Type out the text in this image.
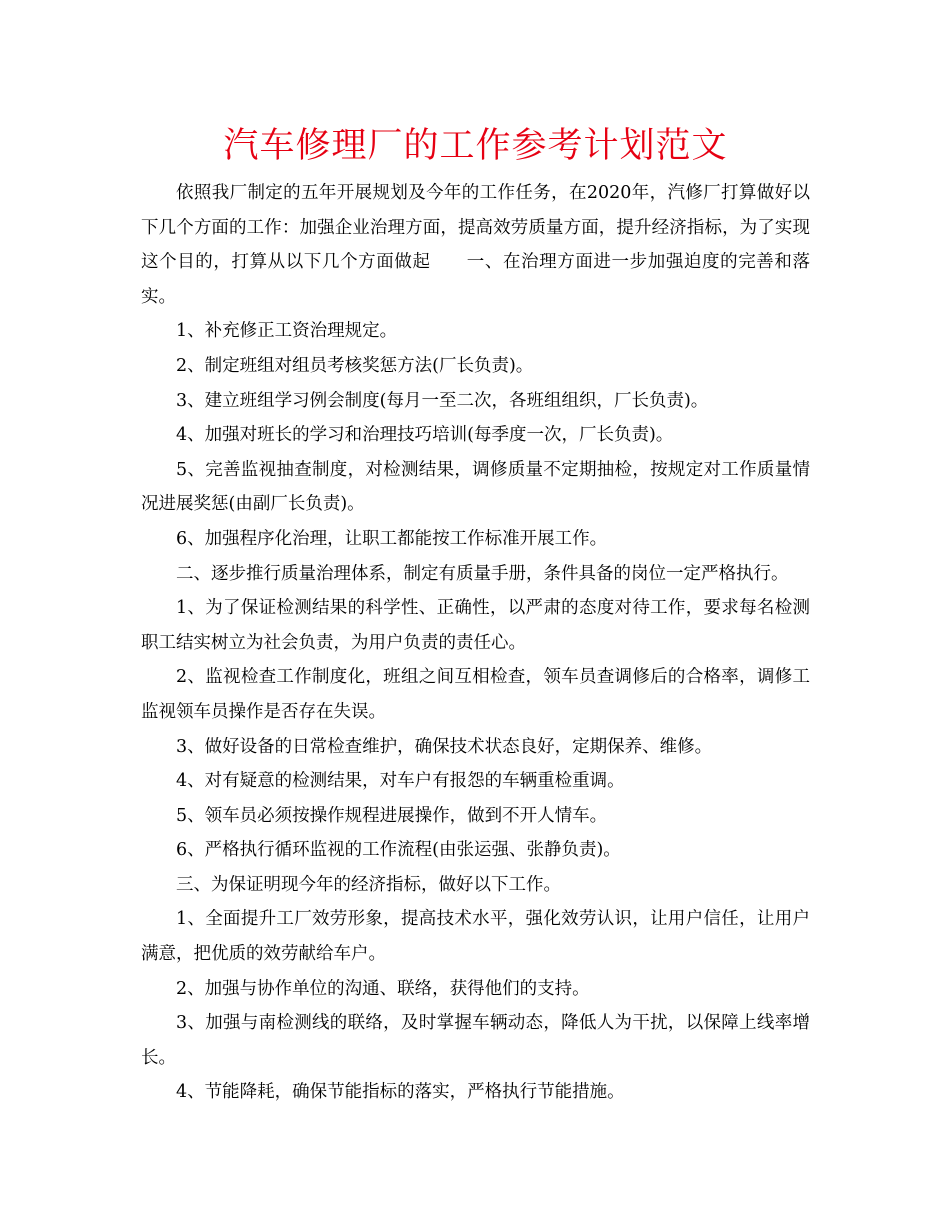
汽车修理厂的工作参考计划范文

依照我厂制定的五年开展规划及今年的工作任务，在2020年，汽修厂打算做好以下几个方面的工作：加强企业治理方面，提高效劳质量方面，提升经济指标，为了实现这个目的，打算从以下几个方面做起　　一、在治理方面进一步加强迫度的完善和落实。

1、补充修正工资治理规定。

2、制定班组对组员考核奖惩方法(厂长负责)。

3、建立班组学习例会制度(每月一至二次，各班组组织，厂长负责)。

4、加强对班长的学习和治理技巧培训(每季度一次，厂长负责)。

5、完善监视抽查制度，对检测结果，调修质量不定期抽检，按规定对工作质量情况进展奖惩(由副厂长负责)。

6、加强程序化治理，让职工都能按工作标准开展工作。

二、逐步推行质量治理体系，制定有质量手册，条件具备的岗位一定严格执行。

1、为了保证检测结果的科学性、正确性，以严肃的态度对待工作，要求每名检测职工结实树立为社会负责，为用户负责的责任心。

2、监视检查工作制度化，班组之间互相检查，领车员查调修后的合格率，调修工监视领车员操作是否存在失误。

3、做好设备的日常检查维护，确保技术状态良好，定期保养、维修。

4、对有疑意的检测结果，对车户有报怨的车辆重检重调。

5、领车员必须按操作规程进展操作，做到不开人情车。

6、严格执行循环监视的工作流程(由张运强、张静负责)。

三、为保证明现今年的经济指标，做好以下工作。

1、全面提升工厂效劳形象，提高技术水平，强化效劳认识，让用户信任，让用户满意，把优质的效劳献给车户。

2、加强与协作单位的沟通、联络，获得他们的支持。

3、加强与南检测线的联络，及时掌握车辆动态，降低人为干扰，以保障上线率增长。

4、节能降耗，确保节能指标的落实，严格执行节能措施。
